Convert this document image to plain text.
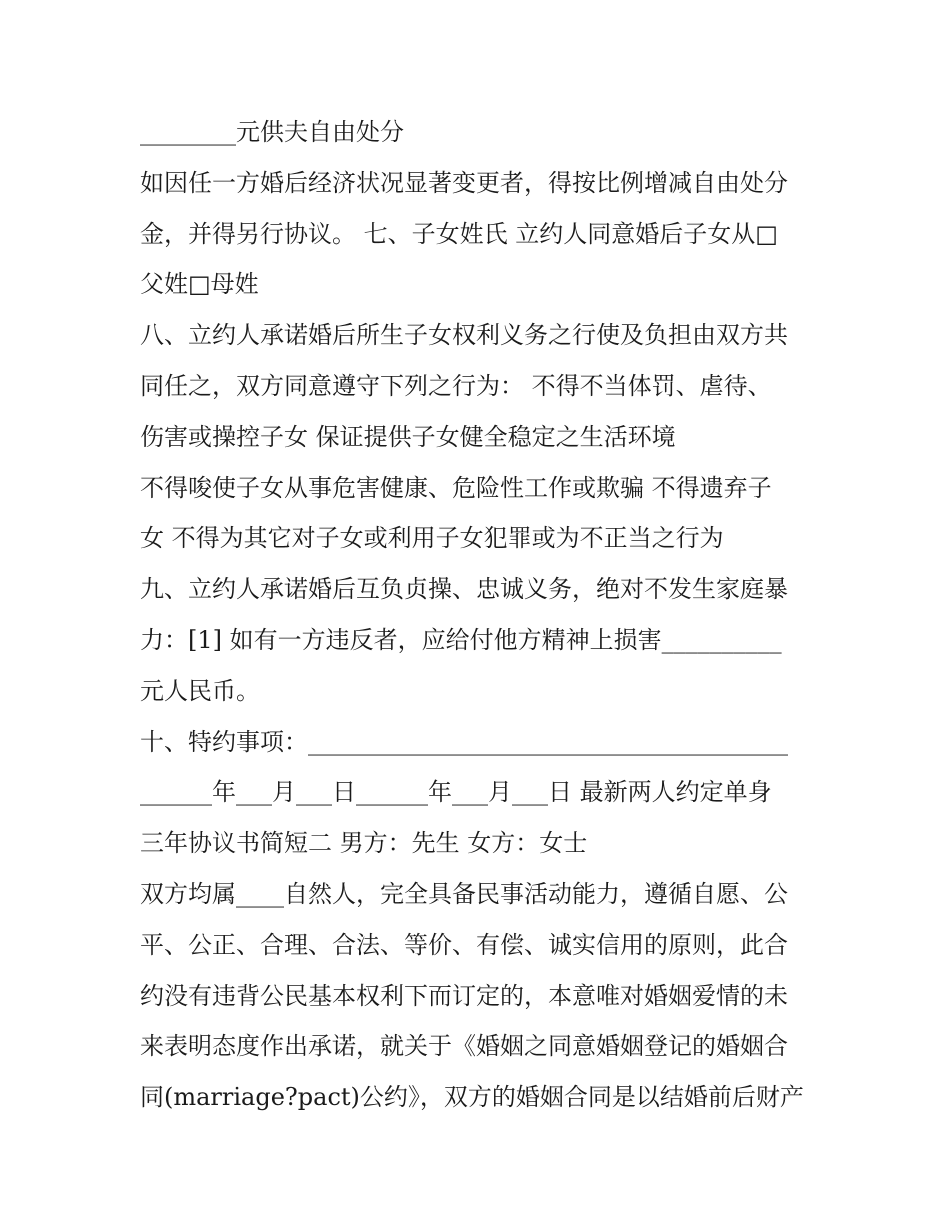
________元供夫自由处分
如因任一方婚后经济状况显著变更者，得按比例增减自由处分
金，并得另行协议。 七、子女姓氏 立约人同意婚后子女从□
父姓□母姓
八、立约人承诺婚后所生子女权利义务之行使及负担由双方共
同任之，双方同意遵守下列之行为： 不得不当体罚、虐待、
伤害或操控子女 保证提供子女健全稳定之生活环境
不得唆使子女从事危害健康、危险性工作或欺骗 不得遗弃子
女 不得为其它对子女或利用子女犯罪或为不正当之行为
九、立约人承诺婚后互负贞操、忠诚义务，绝对不发生家庭暴
力：[1] 如有一方违反者，应给付他方精神上损害__________
元人民币。
十、特约事项：________________________________________
______年___月___日______年___月___日 最新两人约定单身
三年协议书简短二 男方：先生 女方：女士
双方均属____自然人，完全具备民事活动能力，遵循自愿、公
平、公正、合理、合法、等价、有偿、诚实信用的原则，此合
约没有违背公民基本权利下而订定的，本意唯对婚姻爱情的未
来表明态度作出承诺，就关于《婚姻之同意婚姻登记的婚姻合
同(marriage?pact)公约》，双方的婚姻合同是以结婚前后财产
